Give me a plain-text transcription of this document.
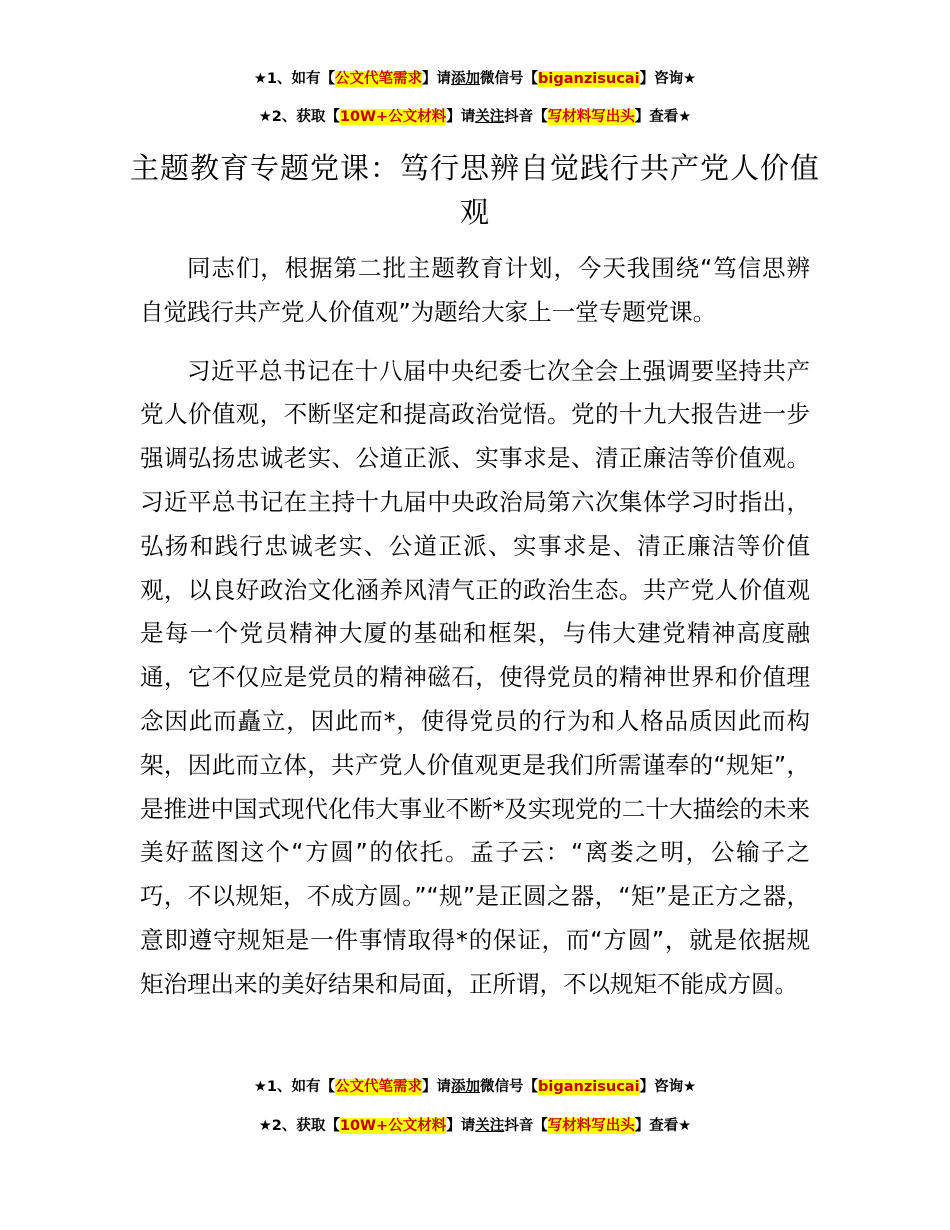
★1、如有【公文代笔需求】请添加微信号【biganzisucai】咨询★
★2、获取【10W+公文材料】请关注抖音【写材料写出头】查看★
主题教育专题党课：笃行思辨自觉践行共产党人价值观

同志们，根据第二批主题教育计划，今天我围绕“笃信思辨自觉践行共产党人价值观”为题给大家上一堂专题党课。

习近平总书记在十八届中央纪委七次全会上强调要坚持共产党人价值观，不断坚定和提高政治觉悟。党的十九大报告进一步强调弘扬忠诚老实、公道正派、实事求是、清正廉洁等价值观。习近平总书记在主持十九届中央政治局第六次集体学习时指出，弘扬和践行忠诚老实、公道正派、实事求是、清正廉洁等价值观，以良好政治文化涵养风清气正的政治生态。共产党人价值观是每一个党员精神大厦的基础和框架，与伟大建党精神高度融通，它不仅应是党员的精神磁石，使得党员的精神世界和价值理念因此而矗立，因此而*，使得党员的行为和人格品质因此而构架，因此而立体，共产党人价值观更是我们所需谨奉的“规矩”，是推进中国式现代化伟大事业不断*及实现党的二十大描绘的未来美好蓝图这个“方圆”的依托。孟子云：“离娄之明，公输子之巧，不以规矩，不成方圆。”“规”是正圆之器，“矩”是正方之器，意即遵守规矩是一件事情取得*的保证，而“方圆”，就是依据规矩治理出来的美好结果和局面，正所谓，不以规矩不能成方圆。

★1、如有【公文代笔需求】请添加微信号【biganzisucai】咨询★
★2、获取【10W+公文材料】请关注抖音【写材料写出头】查看★
